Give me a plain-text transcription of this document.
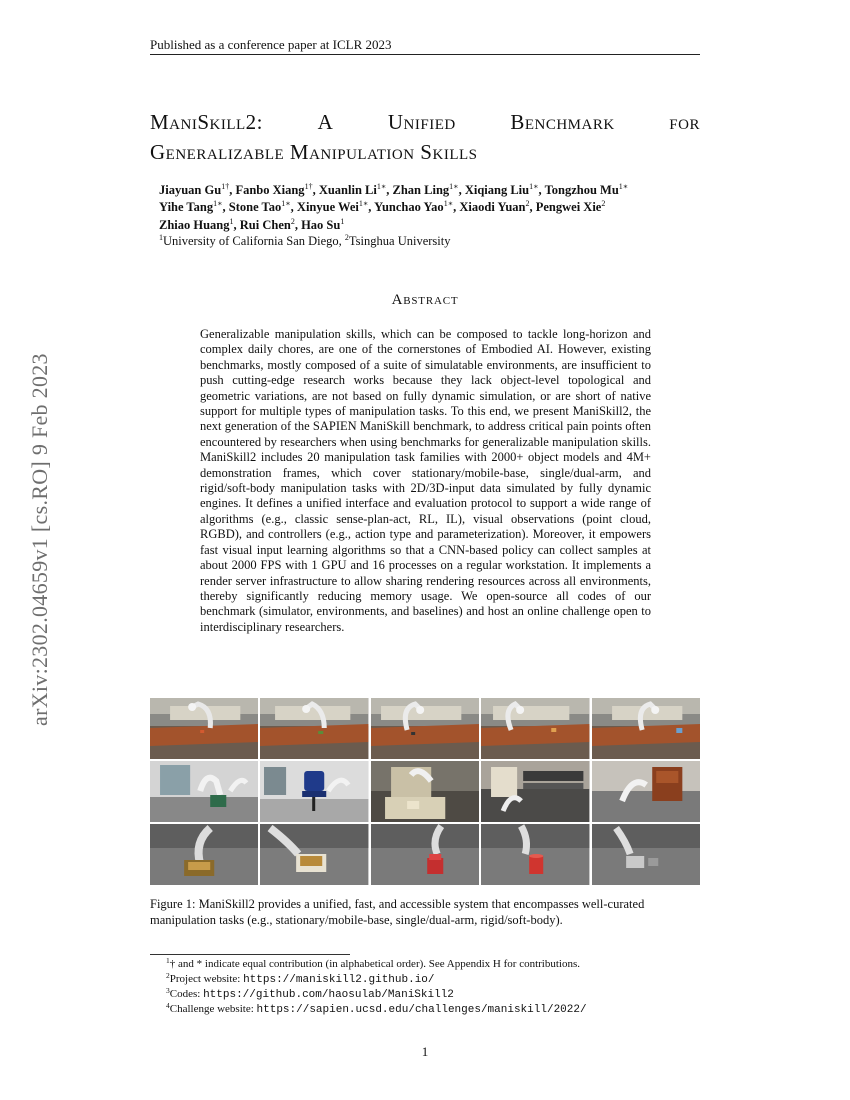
arXiv:2302.04659v1 [cs.RO] 9 Feb 2023
Published as a conference paper at ICLR 2023
ManiSkill2:	A	Unified	Benchmark	for
Generalizable Manipulation Skills
Jiayuan $Gu^{1\dagger}$, Fanbo Xiang$^{1\dagger}$, Xuanlin $Li^{1∗}$, Zhan Ling$^{1∗}$, Xiqiang Liu$^{1∗}$, Tongzhou $Mu^{1∗}$
Yihe Tang$^{1∗}$, Stone Tao$^{1∗}$, Xinyue Wei$^{1∗}$, Yunchao Yao$^{1∗}$, Xiaodi Yuan$^2$, Pengwei Xie$^2$
Zhiao Huang$^1$, Rui Chen$^2$, Hao Su$^1$
$^1$University of California San Diego, $^2$Tsinghua University
Abstract
Generalizable manipulation skills, which can be composed to tackle long-horizon and complex daily chores, are one of the cornerstones of Embodied AI. However, existing benchmarks, mostly composed of a suite of simulatable environments, are insufficient to push cutting-edge research works because they lack object-level topological and geometric variations, are not based on fully dynamic simulation, or are short of native support for multiple types of manipulation tasks. To this end, we present ManiSkill2, the next generation of the SAPIEN ManiSkill benchmark, to address critical pain points often encountered by researchers when using benchmarks for generalizable manipulation skills. ManiSkill2 includes 20 manipulation task families with 2000+ object models and 4M+ demonstration frames, which cover stationary/mobile-base, single/dual-arm, and rigid/soft-body manipulation tasks with 2D/3D-input data simulated by fully dynamic engines. It defines a unified interface and evaluation protocol to support a wide range of algorithms (e.g., classic sense-plan-act, RL, IL), visual observations (point cloud, RGBD), and controllers (e.g., action type and parameterization). Moreover, it empowers fast visual input learning algorithms so that a CNN-based policy can collect samples at about 2000 FPS with 1 GPU and 16 processes on a regular workstation. It implements a render server infrastructure to allow sharing rendering resources across all environments, thereby significantly reducing memory usage. We open-source all codes of our benchmark (simulator, environments, and baselines) and host an online challenge open to interdisciplinary researchers.
Figure 1: ManiSkill2 provides a unified, fast, and accessible system that encompasses well-curated manipulation tasks (e.g., stationary/mobile-base, single/dual-arm, rigid/soft-body).
$^1$† and * indicate equal contribution (in alphabetical order). See Appendix H for contributions.
$^2$Project website: https://maniskill2.github.io/
$^3$Codes: https://github.com/haosulab/ManiSkill2
$^4$Challenge website: https://sapien.ucsd.edu/challenges/maniskill/2022/
1
